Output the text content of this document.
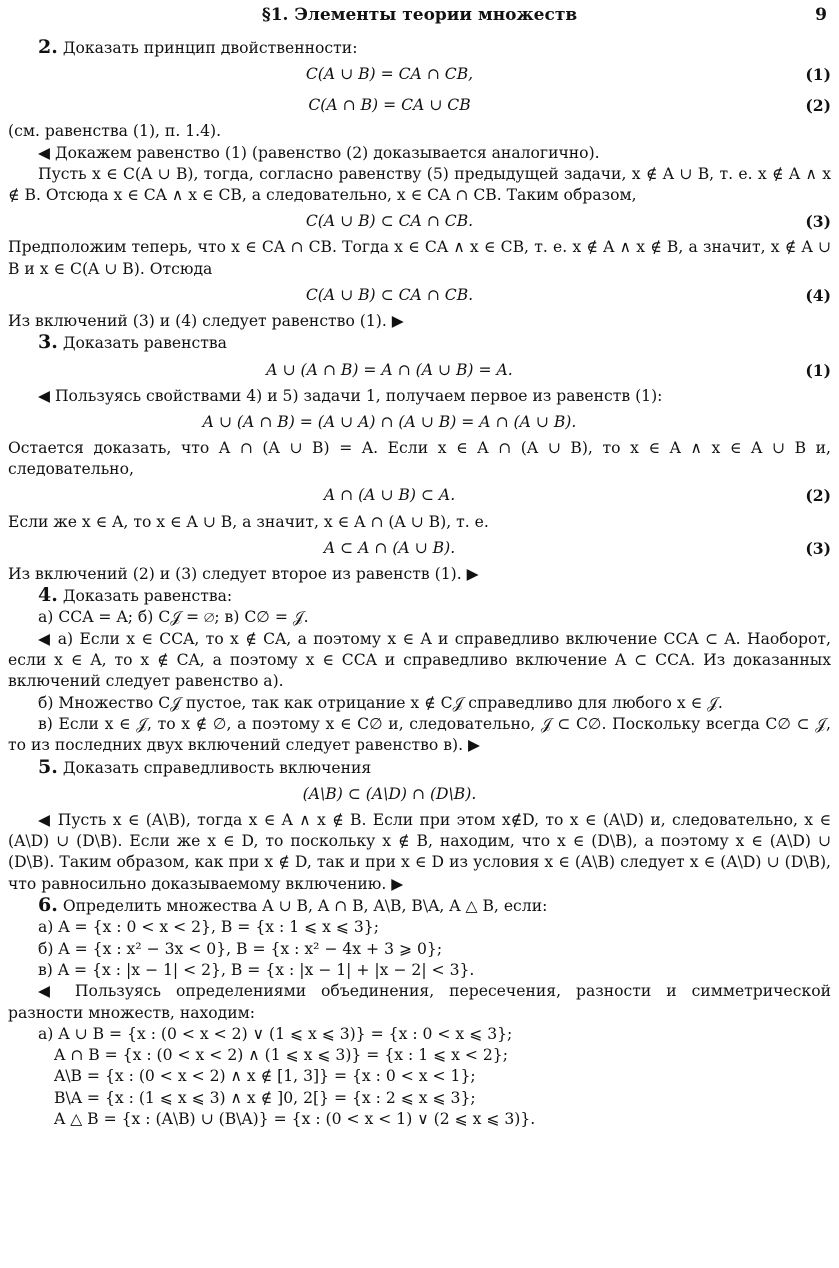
§1. Элементы теории множеств	9

2. Доказать принцип двойственности:

C(A ∪ B) = CA ∩ CB,	(1)
C(A ∩ B) = CA ∪ CB	(2)

(см. равенства (1), п. 1.4).

◀ Докажем равенство (1) (равенство (2) доказывается аналогично).

Пусть x ∈ C(A ∪ B), тогда, согласно равенству (5) предыдущей задачи, x ∉ A ∪ B, т. е. x ∉ A ∧ x ∉ B. Отсюда x ∈ CA ∧ x ∈ CB, а следовательно, x ∈ CA ∩ CB. Таким образом,

C(A ∪ B) ⊂ CA ∩ CB.	(3)

Предположим теперь, что x ∈ CA ∩ CB. Тогда x ∈ CA ∧ x ∈ CB, т. е. x ∉ A ∧ x ∉ B, а значит, x ∉ A ∪ B и x ∈ C(A ∪ B). Отсюда

C(A ∪ B) ⊂ CA ∩ CB.	(4)

Из включений (3) и (4) следует равенство (1). ▶

3. Доказать равенства

A ∪ (A ∩ B) = A ∩ (A ∪ B) = A.	(1)

◀ Пользуясь свойствами 4) и 5) задачи 1, получаем первое из равенств (1):

A ∪ (A ∩ B) = (A ∪ A) ∩ (A ∪ B) = A ∩ (A ∪ B).

Остается доказать, что A ∩ (A ∪ B) = A. Если x ∈ A ∩ (A ∪ B), то x ∈ A ∧ x ∈ A ∪ B и, следовательно,

A ∩ (A ∪ B) ⊂ A.	(2)

Если же x ∈ A, то x ∈ A ∪ B, а значит, x ∈ A ∩ (A ∪ B), т. е.

A ⊂ A ∩ (A ∪ B).	(3)

Из включений (2) и (3) следует второе из равенств (1). ▶

4. Доказать равенства:

а) CCA = A; б) C𝒥 = ∅; в) C∅ = 𝒥.

◀ а) Если x ∈ CCA, то x ∉ CA, а поэтому x ∈ A и справедливо включение CCA ⊂ A. Наоборот, если x ∈ A, то x ∉ CA, а поэтому x ∈ CCA и справедливо включение A ⊂ CCA. Из доказанных включений следует равенство а).

б) Множество C𝒥 пустое, так как отрицание x ∉ C𝒥 справедливо для любого x ∈ 𝒥.

в) Если x ∈ 𝒥, то x ∉ ∅, а поэтому x ∈ C∅ и, следовательно, 𝒥 ⊂ C∅. Поскольку всегда C∅ ⊂ 𝒥, то из последних двух включений следует равенство в). ▶

5. Доказать справедливость включения

(A\B) ⊂ (A\D) ∩ (D\B).

◀ Пусть x ∈ (A\B), тогда x ∈ A ∧ x ∉ B. Если при этом x∉D, то x ∈ (A\D) и, следовательно, x ∈ (A\D) ∪ (D\B). Если же x ∈ D, то поскольку x ∉ B, находим, что x ∈ (D\B), а поэтому x ∈ (A\D) ∪ (D\B). Таким образом, как при x ∉ D, так и при x ∈ D из условия x ∈ (A\B) следует x ∈ (A\D) ∪ (D\B), что равносильно доказываемому включению. ▶

6. Определить множества A ∪ B, A ∩ B, A\B, B\A, A △ B, если:

а) A = {x : 0 < x < 2}, B = {x : 1 ⩽ x ⩽ 3};

б) A = {x : x² − 3x < 0}, B = {x : x² − 4x + 3 ⩾ 0};

в) A = {x : |x − 1| < 2}, B = {x : |x − 1| + |x − 2| < 3}.

◀ Пользуясь определениями объединения, пересечения, разности и симметрической разности множеств, находим:

а) A ∪ B = {x : (0 < x < 2) ∨ (1 ⩽ x ⩽ 3)} = {x : 0 < x ⩽ 3};

A ∩ B = {x : (0 < x < 2) ∧ (1 ⩽ x ⩽ 3)} = {x : 1 ⩽ x < 2};

A\B = {x : (0 < x < 2) ∧ x ∉ [1, 3]} = {x : 0 < x < 1};

B\A = {x : (1 ⩽ x ⩽ 3) ∧ x ∉ ]0, 2[} = {x : 2 ⩽ x ⩽ 3};

A △ B = {x : (A\B) ∪ (B\A)} = {x : (0 < x < 1) ∨ (2 ⩽ x ⩽ 3)}.
